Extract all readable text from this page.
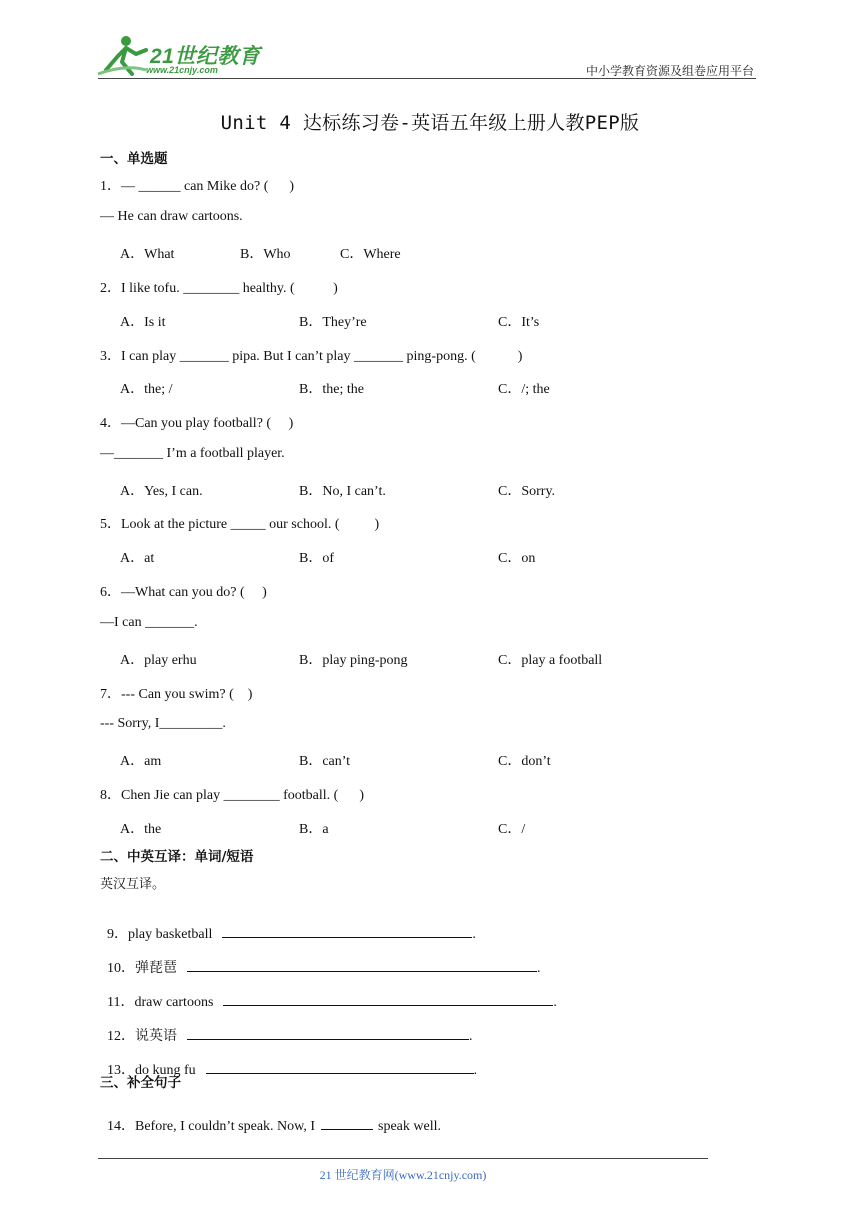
21世纪教育
www.21cnjy.com	中小学教育资源及组卷应用平台
Unit 4 达标练习卷-英语五年级上册人教PEP版
一、单选题
1．— ______ can Mike do? (      )
— He can draw cartoons.
A．What	B．Who	C．Where
2．I like tofu. ________ healthy. (           )
A．Is it	B．They’re	C．It’s
3．I can play _______ pipa. But I can’t play _______ ping-pong. (            )
A．the; /	B．the; the	C．/; the
4．—Can you play football? (     )
—_______ I’m a football player.
A．Yes, I can.	B．No, I can’t.	C．Sorry.
5．Look at the picture _____ our school. (          )
A．at	B．of	C．on
6．—What can you do? (     )
—I can _______.
A．play erhu	B．play ping-pong	C．play a football
7．--- Can you swim? (    )
--- Sorry, I_________.
A．am	B．can’t	C．don’t
8．Chen Jie can play ________ football. (      )
A．the	B．a	C．/
二、中英互译：单词/短语
英汉互译。

9．play basketball	.

10．弹琵琶	.

11．draw cartoons	.

12．说英语	.

13．do kung fu	.

三、补全句子

14．Before, I couldn’t speak. Now, I	speak well.

21 世纪教育网(www.21cnjy.com)
